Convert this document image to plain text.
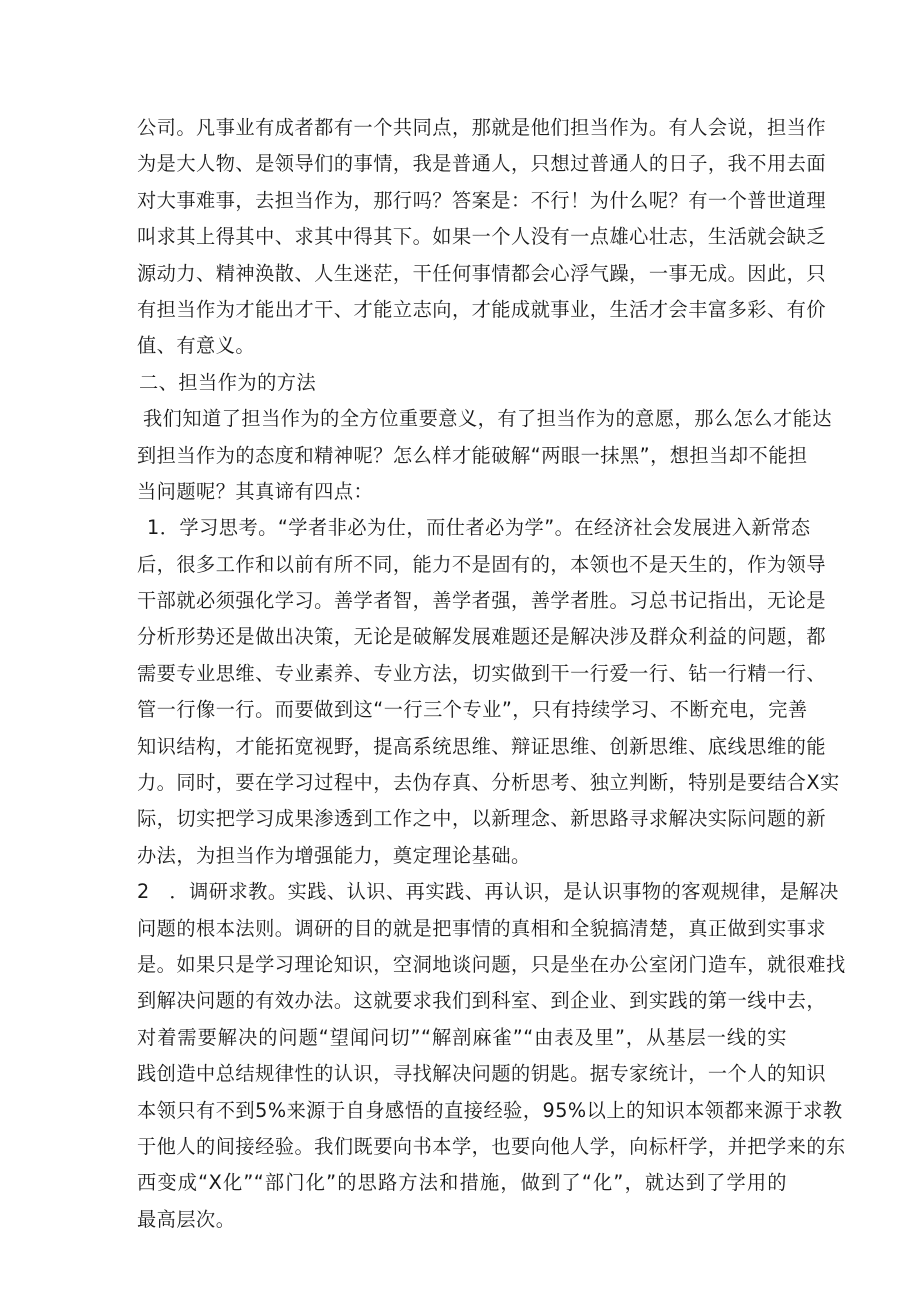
公司。凡事业有成者都有一个共同点，那就是他们担当作为。有人会说，担当作
为是大人物、是领导们的事情，我是普通人，只想过普通人的日子，我不用去面
对大事难事，去担当作为，那行吗？答案是：不行！为什么呢？有一个普世道理
叫求其上得其中、求其中得其下。如果一个人没有一点雄心壮志，生活就会缺乏
源动力、精神涣散、人生迷茫，干任何事情都会心浮气躁，一事无成。因此，只
有担当作为才能出才干、才能立志向，才能成就事业，生活才会丰富多彩、有价
值、有意义。
二、担当作为的方法
我们知道了担当作为的全方位重要意义，有了担当作为的意愿，那么怎么才能达
到担当作为的态度和精神呢？怎么样才能破解“两眼一抹黑”，想担当却不能担
当问题呢？其真谛有四点：
1．学习思考。“学者非必为仕，而仕者必为学”。在经济社会发展进入新常态
后，很多工作和以前有所不同，能力不是固有的，本领也不是天生的，作为领导
干部就必须强化学习。善学者智，善学者强，善学者胜。习总书记指出，无论是
分析形势还是做出决策，无论是破解发展难题还是解决涉及群众利益的问题，都
需要专业思维、专业素养、专业方法，切实做到干一行爱一行、钻一行精一行、
管一行像一行。而要做到这“一行三个专业”，只有持续学习、不断充电，完善
知识结构，才能拓宽视野，提高系统思维、辩证思维、创新思维、底线思维的能
力。同时，要在学习过程中，去伪存真、分析思考、独立判断，特别是要结合X实
际，切实把学习成果渗透到工作之中，以新理念、新思路寻求解决实际问题的新
办法，为担当作为增强能力，奠定理论基础。
2　．调研求教。实践、认识、再实践、再认识，是认识事物的客观规律，是解决
问题的根本法则。调研的目的就是把事情的真相和全貌搞清楚，真正做到实事求
是。如果只是学习理论知识，空洞地谈问题，只是坐在办公室闭门造车，就很难找
到解决问题的有效办法。这就要求我们到科室、到企业、到实践的第一线中去，
对着需要解决的问题“望闻问切”“解剖麻雀”“由表及里”，从基层一线的实
践创造中总结规律性的认识，寻找解决问题的钥匙。据专家统计，一个人的知识
本领只有不到5%来源于自身感悟的直接经验，95%以上的知识本领都来源于求教
于他人的间接经验。我们既要向书本学，也要向他人学，向标杆学，并把学来的东
西变成“X化”“部门化”的思路方法和措施，做到了“化”，就达到了学用的
最高层次。
